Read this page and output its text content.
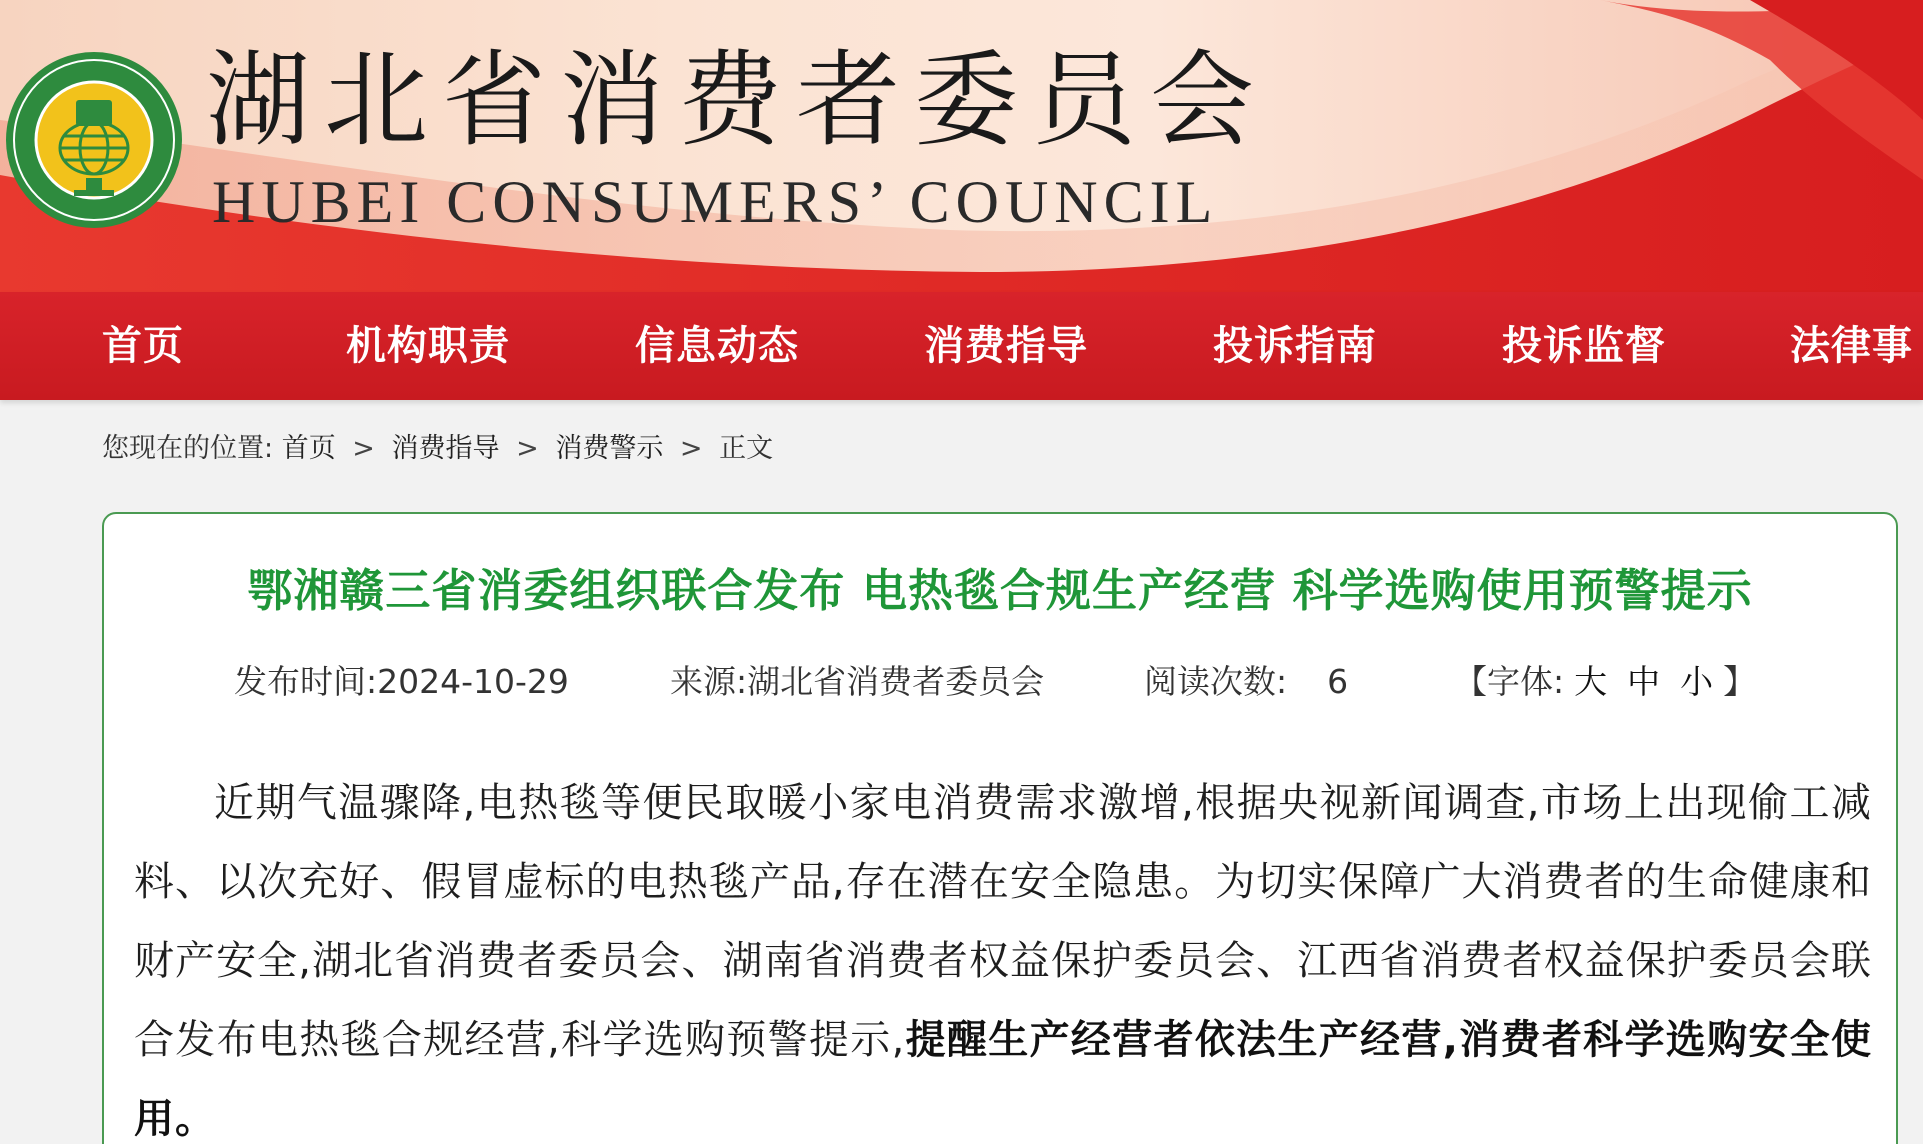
湖北省消费者委员会
HUBEI CONSUMERS’ COUNCIL
首页	机构职责	信息动态	消费指导	投诉指南	投诉监督	法律事
您现在的位置: 首页 > 消费指导 > 消费警示 > 正文
鄂湘赣三省消委组织联合发布 电热毯合规生产经营 科学选购使用预警提示
发布时间:2024-10-29	来源:湖北省消费者委员会	阅读次数: 6	【字体: 大 中 小 】
近期气温骤降,电热毯等便民取暖小家电消费需求激增,根据央视新闻调查,市场上出现偷工减料、以次充好、假冒虚标的电热毯产品,存在潜在安全隐患。为切实保障广大消费者的生命健康和财产安全,湖北省消费者委员会、湖南省消费者权益保护委员会、江西省消费者权益保护委员会联合发布电热毯合规经营,科学选购预警提示,提醒生产经营者依法生产经营,消费者科学选购安全使用。
